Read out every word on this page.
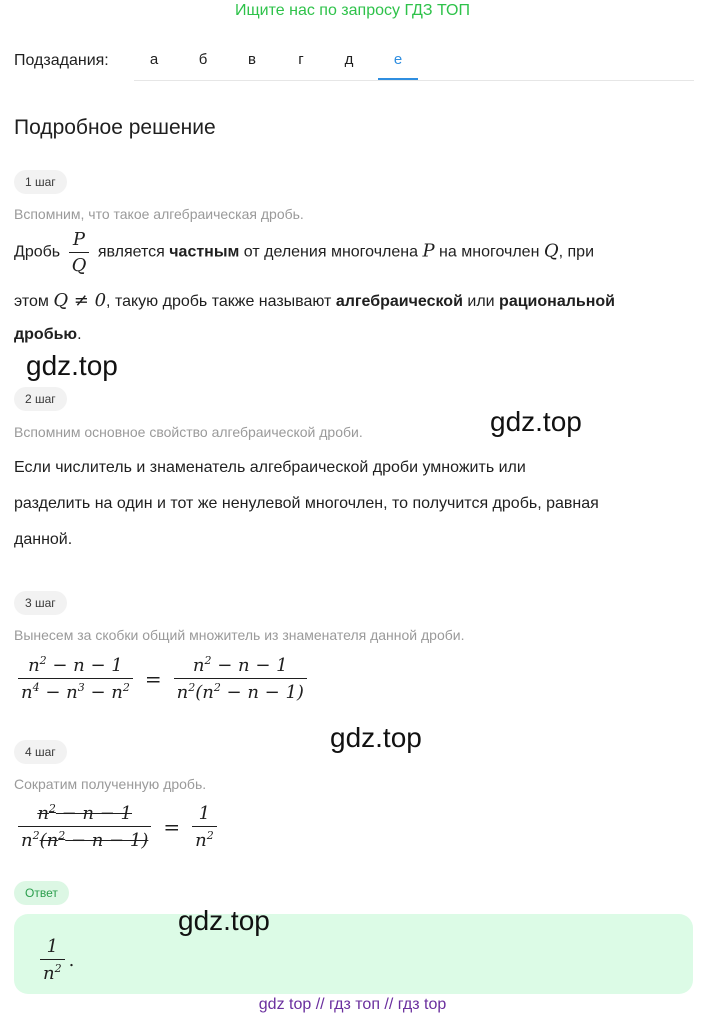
Ищите нас по запросу ГДЗ ТОП
Подзадания:	а	б	в	г	д	е
Подробное решение
1 шаг
Вспомним, что такое алгебраическая дробь.
Дробь $\frac{P}{Q}$ является частным от деления многочлена P на многочлен Q, при
этом Q ≠ 0, такую дробь также называют алгебраической или рациональной
дробью.
gdz.top
2 шаг
gdz.top
Вспомним основное свойство алгебраической дроби.
Если числитель и знаменатель алгебраической дроби умножить или
разделить на один и тот же ненулевой многочлен, то получится дробь, равная
данной.
3 шаг
Вынесем за скобки общий множитель из знаменателя данной дроби.
$\frac{n^2 - n - 1}{n^4 - n^3 - n^2} = \frac{n^2 - n - 1}{n^2(n^2 - n - 1)}$
gdz.top
4 шаг
Сократим полученную дробь.
$\frac{n^2 - n - 1}{n^2(n^2 - n - 1)} = \frac{1}{n^2}$
Ответ
$\frac{1}{n^2}$ .
gdz.top
gdz top // гдз топ // гдз top
